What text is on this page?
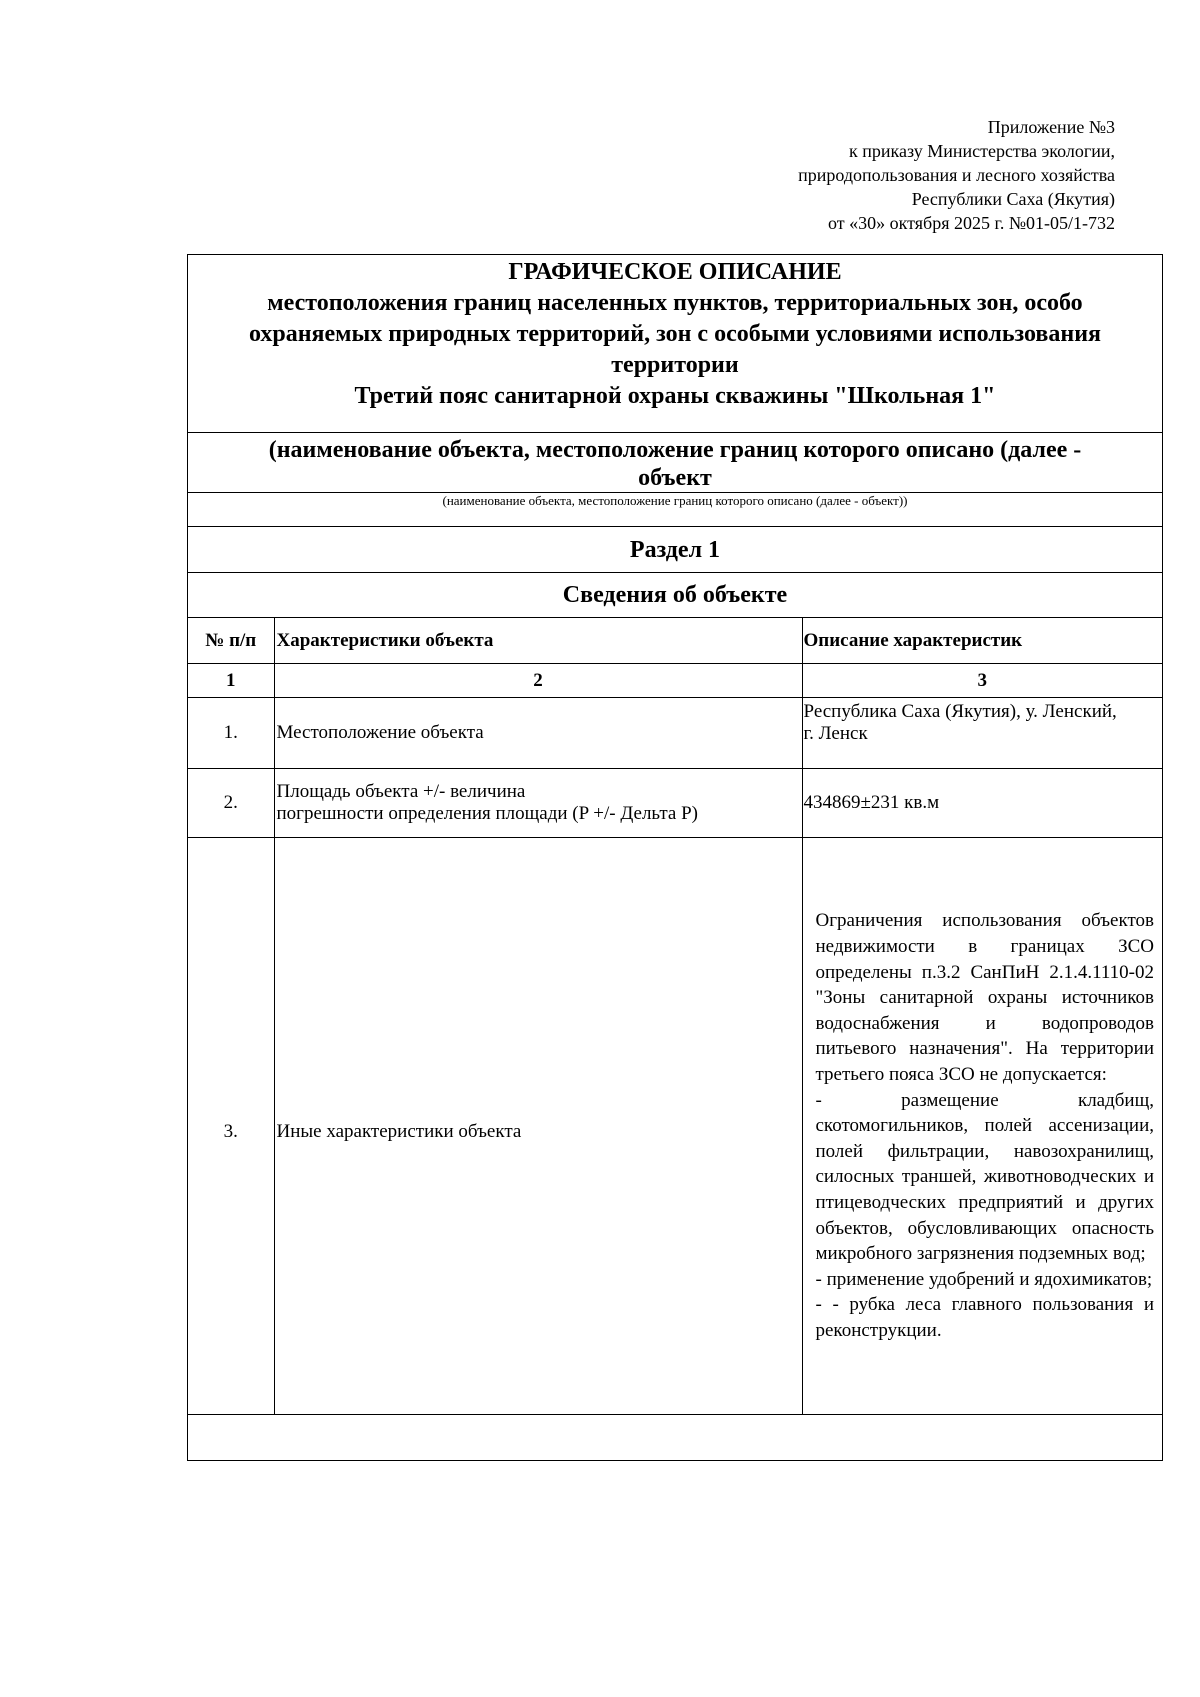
Приложение №3
к приказу Министерства экологии,
природопользования и лесного хозяйства
Республики Саха (Якутия)
от «30» октября 2025 г. №01-05/1-732
ГРАФИЧЕСКОЕ ОПИСАНИЕ
местоположения границ населенных пунктов, территориальных зон, особо
охраняемых природных территорий, зон с особыми условиями использования
территории
Третий пояс санитарной охраны скважины "Школьная 1"
(наименование объекта, местоположение границ которого описано (далее -
объект
(наименование объекта, местоположение границ которого описано (далее - объект))
Раздел 1
Сведения об объекте
№ п/п	Характеристики объекта	Описание характеристик
1	2	3
1.	Местоположение объекта	Республика Саха (Якутия), у. Ленский,
г. Ленск

2.	Площадь объекта +/- величина
погрешности определения площади (P +/- Дельта P)	434869±231 кв.м
3.	Иные характеристики объекта	Ограничения использования объектов недвижимости в границах ЗСО определены п.3.2 СанПиН 2.1.4.1110-02 "Зоны санитарной охраны источников водоснабжения и водопроводов питьевого назначения". На территории третьего пояса ЗСО не допускается:

- размещение кладбищ, скотомогильников, полей ассенизации, полей фильтрации, навозохранилищ, силосных траншей, животноводческих и птицеводческих предприятий и других объектов, обусловливающих опасность микробного загрязнения подземных вод;

- применение удобрений и ядохимикатов;

- - рубка леса главного пользования и реконструкции.
